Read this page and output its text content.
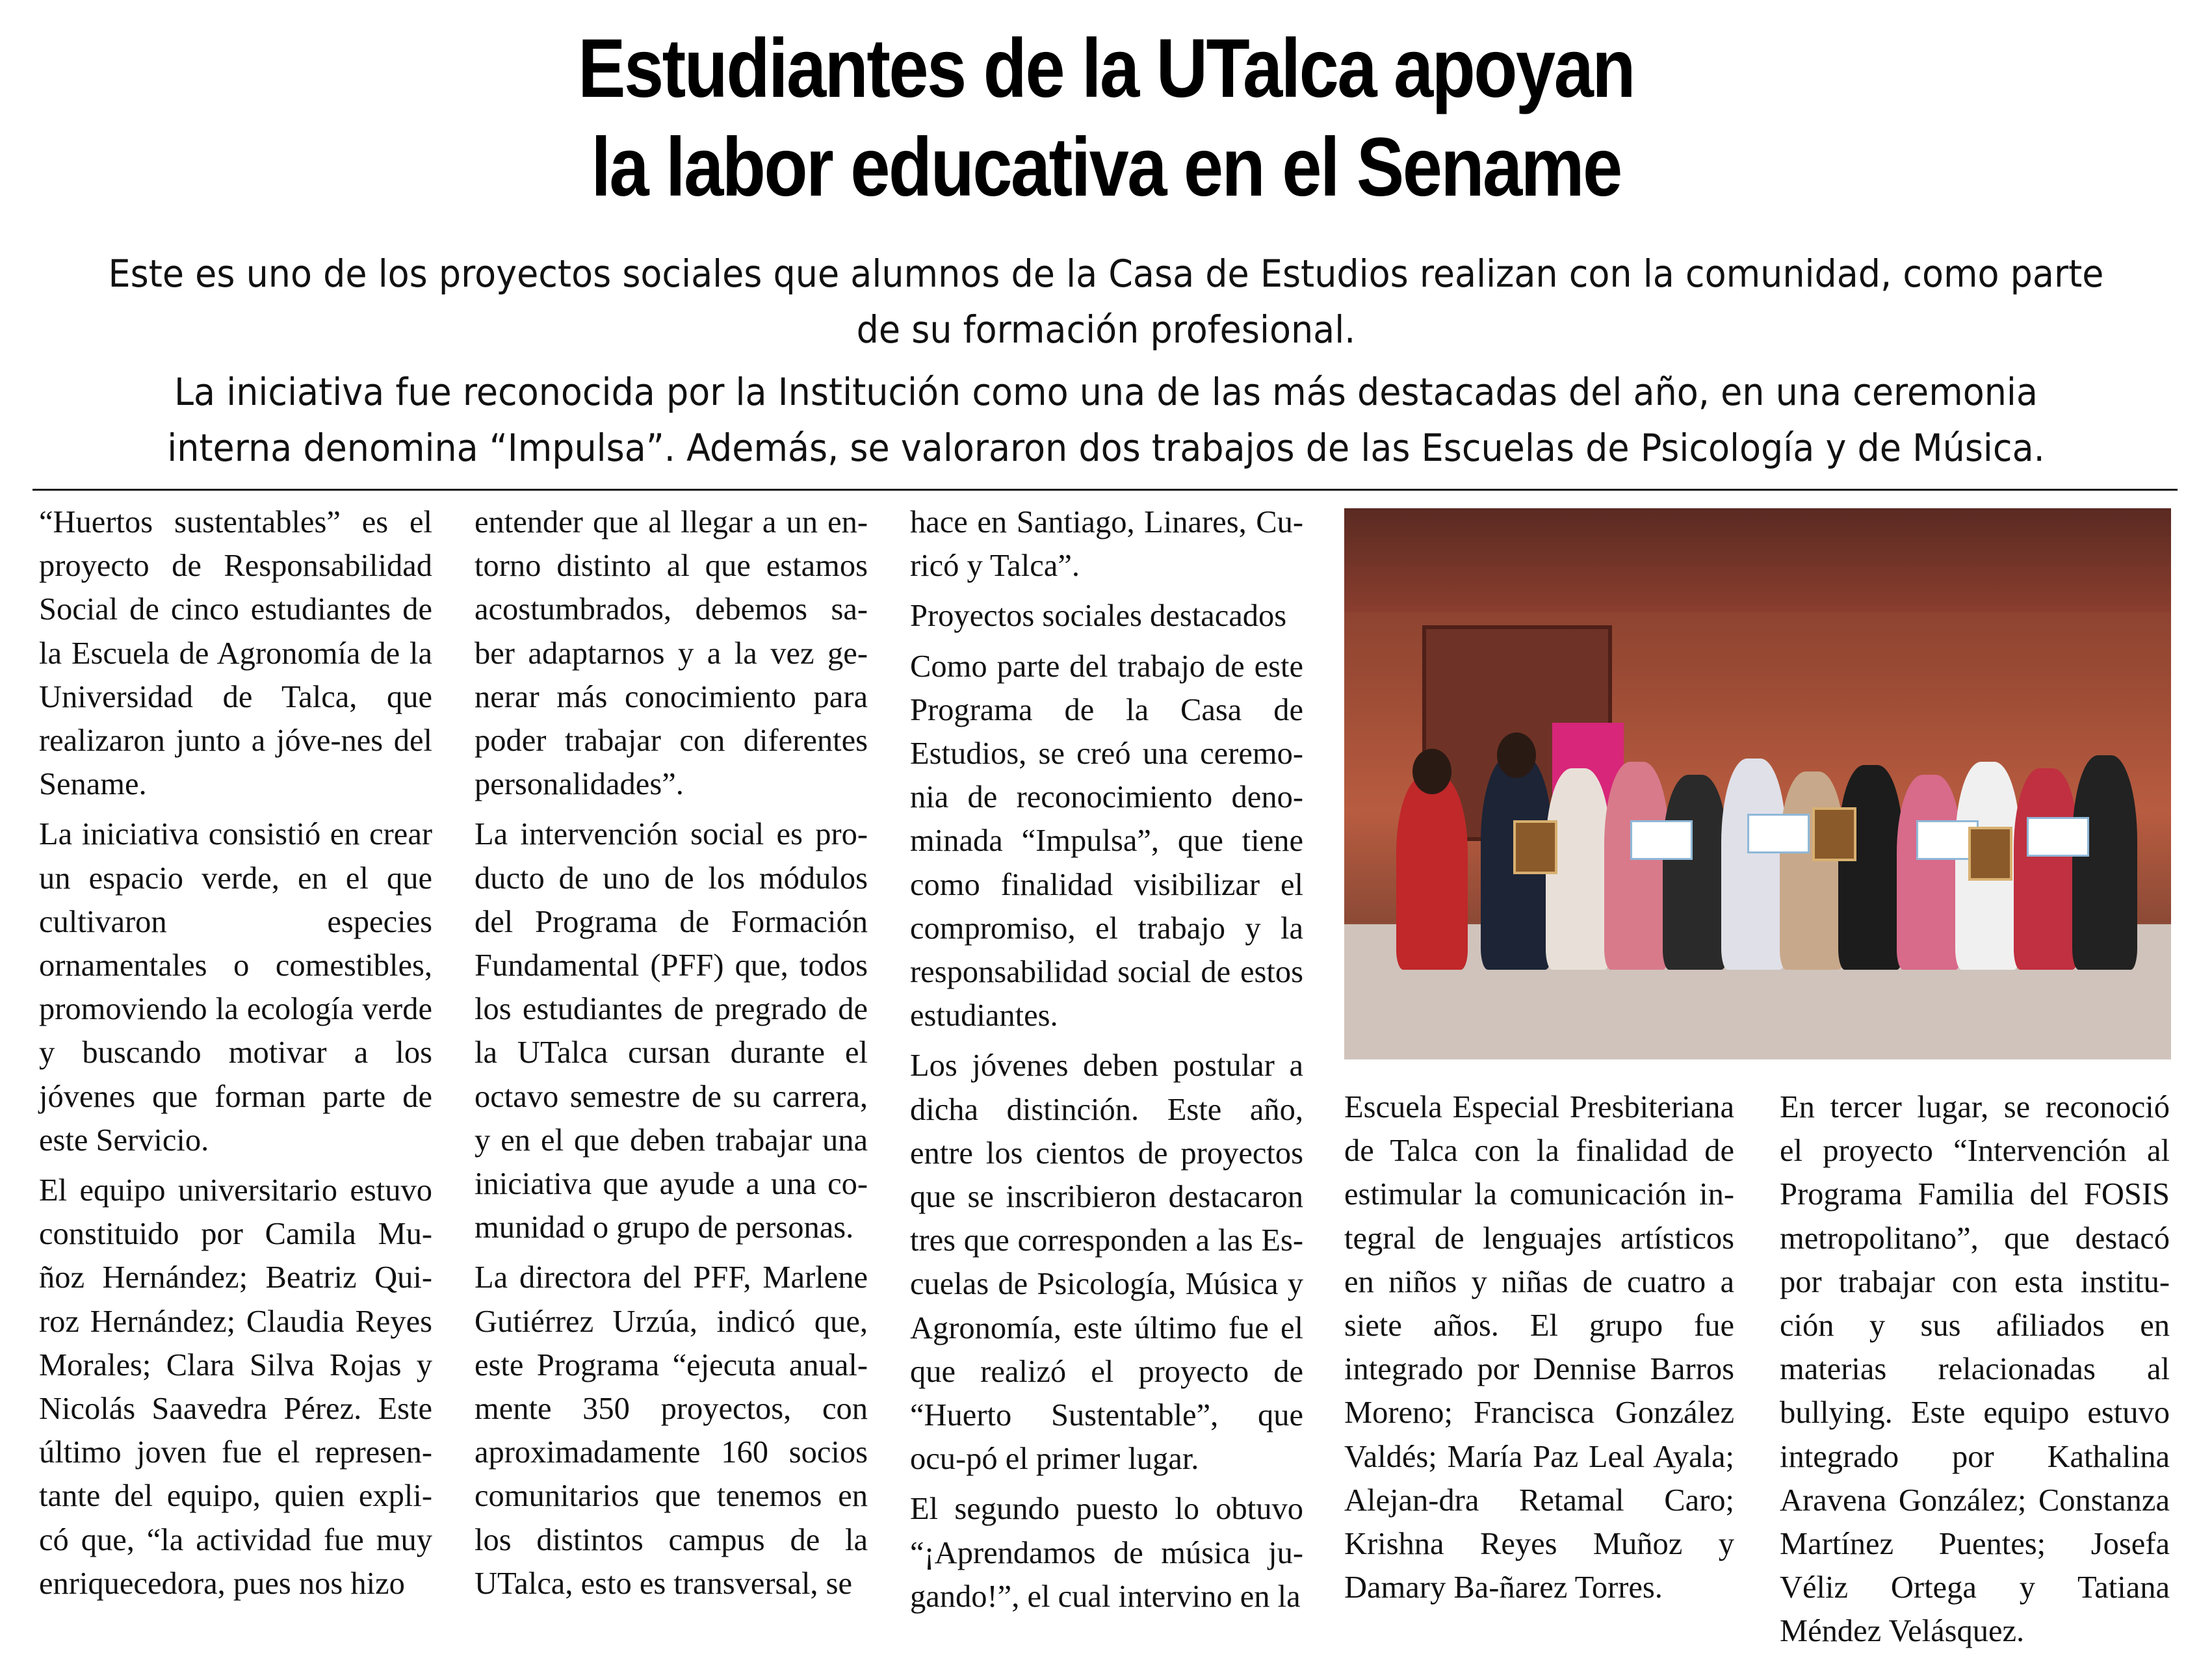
Estudiantes de la UTalca apoyan
la labor educativa en el Sename
Este es uno de los proyectos sociales que alumnos de la Casa de Estudios realizan con la comunidad, como parte de su formación profesional.
La iniciativa fue reconocida por la Institución como una de las más destacadas del año, en una ceremonia interna denomina “Impulsa”. Además, se valoraron dos trabajos de las Escuelas de Psicología y de Música.

“Huertos sustentables” es el proyecto de Responsabilidad Social de cinco estudiantes de la Escuela de Agronomía de la Universidad de Talca, que realizaron junto a jóve-nes del Sename.

La iniciativa consistió en crear un espacio verde, en el que cultivaron especies ornamentales o comestibles, promoviendo la ecología verde y buscando motivar a los jóvenes que forman parte de este Servicio.

El equipo universitario estuvo constituido por Camila Mu-ñoz Hernández; Beatriz Qui-roz Hernández; Claudia Reyes Morales; Clara Silva Rojas y Nicolás Saavedra Pérez. Este último joven fue el represen-tante del equipo, quien expli-có que, “la actividad fue muy enriquecedora, pues nos hizo

entender que al llegar a un en-torno distinto al que estamos acostumbrados, debemos sa-ber adaptarnos y a la vez ge-nerar más conocimiento para poder trabajar con diferentes personalidades”.

La intervención social es pro-ducto de uno de los módulos del Programa de Formación Fundamental (PFF) que, todos los estudiantes de pregrado de la UTalca cursan durante el octavo semestre de su carrera, y en el que deben trabajar una iniciativa que ayude a una co-munidad o grupo de personas.

La directora del PFF, Marlene Gutiérrez Urzúa, indicó que, este Programa “ejecuta anual-mente 350 proyectos, con aproximadamente 160 socios comunitarios que tenemos en los distintos campus de la UTalca, esto es transversal, se

hace en Santiago, Linares, Cu-ricó y Talca”.

Proyectos sociales destacados

Como parte del trabajo de este Programa de la Casa de Estudios, se creó una ceremo-nia de reconocimiento deno-minada “Impulsa”, que tiene como finalidad visibilizar el compromiso, el trabajo y la responsabilidad social de estos estudiantes.

Los jóvenes deben postular a dicha distinción. Este año, entre los cientos de proyectos que se inscribieron destacaron tres que corresponden a las Es-cuelas de Psicología, Música y Agronomía, este último fue el que realizó el proyecto de “Huerto Sustentable”, que ocu-pó el primer lugar.

El segundo puesto lo obtuvo “¡Aprendamos de música ju-gando!”, el cual intervino en la

Escuela Especial Presbiteriana de Talca con la finalidad de estimular la comunicación in-tegral de lenguajes artísticos en niños y niñas de cuatro a siete años. El grupo fue integrado por Dennise Barros Moreno; Francisca González Valdés; María Paz Leal Ayala; Alejan-dra Retamal Caro; Krishna Reyes Muñoz y Damary Ba-ñarez Torres.

En tercer lugar, se reconoció el proyecto “Intervención al Programa Familia del FOSIS metropolitano”, que destacó por trabajar con esta institu-ción y sus afiliados en materias relacionadas al bullying. Este equipo estuvo integrado por Kathalina Aravena González; Constanza Martínez Puentes; Josefa Véliz Ortega y Tatiana Méndez Velásquez.
